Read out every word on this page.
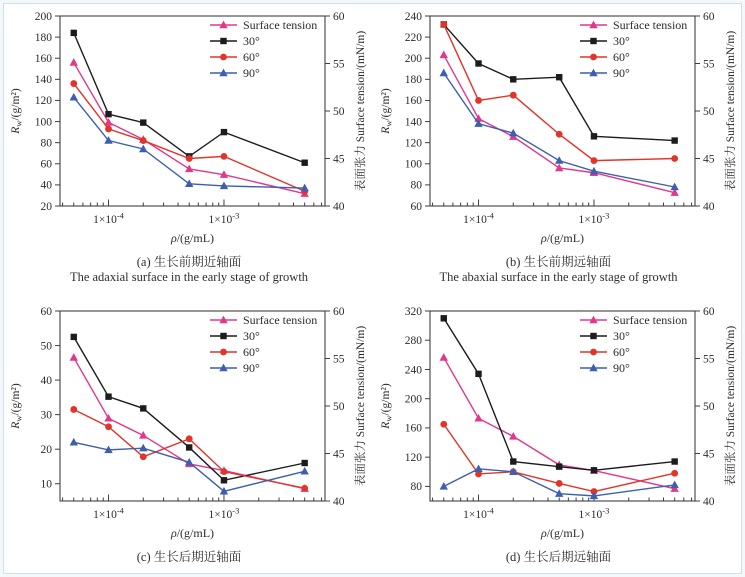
$1\times 10^{-4}$	$1\times 10^{-3}$
20
40
60
80
100
120
140
160
180
200
40
45
50
55
60
Surface tension
30°
60°
90°
ρ/(g/mL)
$R_w/(g/m^2)$	表面张力 Surface tension/(mN/m)
(a) 生长前期近轴面
The adaxial surface in the early stage of growth
$1\times 10^{-4}$	$1\times 10^{-3}$
60
80
100
120
140
160
180
200
220
240
40
45
50
55
60
Surface tension
30°
60°
90°
ρ/(g/mL)
$R_w/(g/m^2)$	表面张力 Surface tension/(mN/m)
(b) 生长前期远轴面
The abaxial surface in the early stage of growth
$1\times 10^{-4}$	$1\times 10^{-3}$
10
20
30
40
50
60
40
45
50
55
60
Surface tension
30°
60°
90°
ρ/(g/mL)
$R_w/(g/m^2)$	表面张力 Surface tension/(mN/m)
(c) 生长后期近轴面
$1\times 10^{-4}$	$1\times 10^{-3}$
80
120
160
200
240
280
320
40
45
50
55
60
Surface tension
30°
60°
90°
ρ/(g/mL)
$R_w/(g/m^2)$	表面张力 Surface tension/(mN/m)
(d) 生长后期远轴面
